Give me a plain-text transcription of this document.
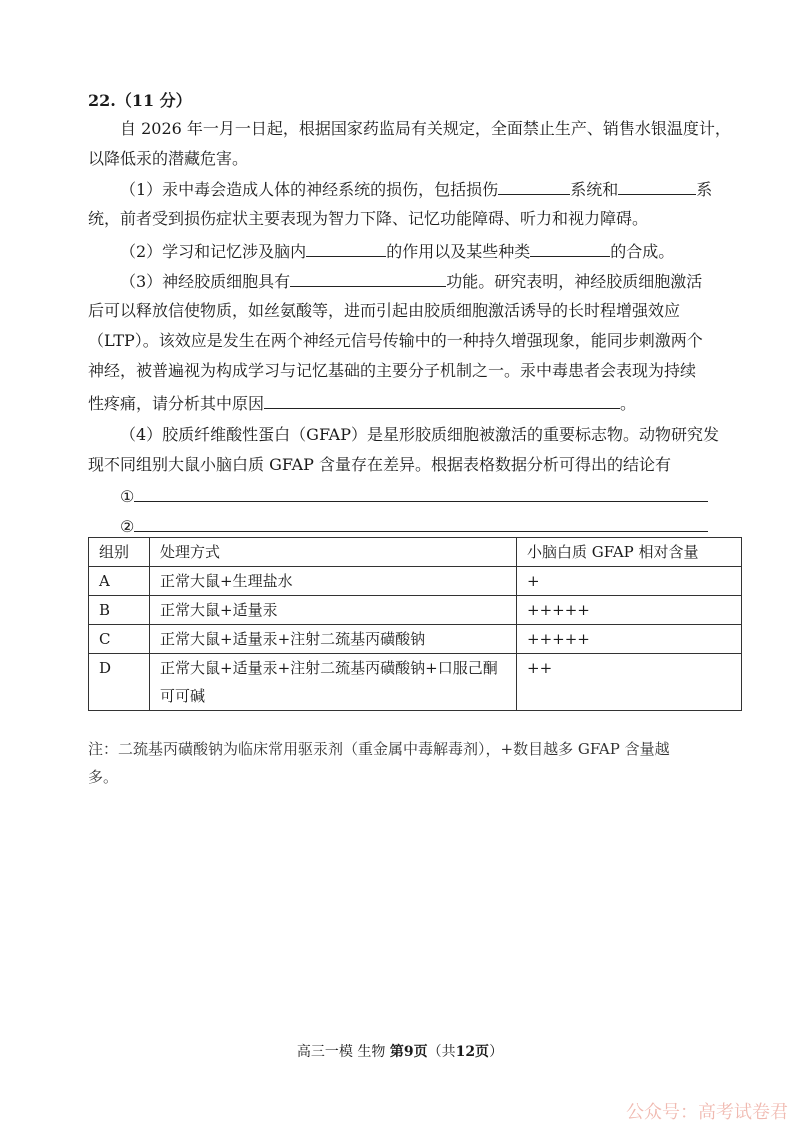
22.（11 分）
自 2026 年一月一日起，根据国家药监局有关规定，全面禁止生产、销售水银温度计，
以降低汞的潜藏危害。
（1）汞中毒会造成人体的神经系统的损伤，包括损伤	系统和	系
统，前者受到损伤症状主要表现为智力下降、记忆功能障碍、听力和视力障碍。
（2）学习和记忆涉及脑内	的作用以及某些种类	的合成。
（3）神经胶质细胞具有	功能。研究表明，神经胶质细胞激活
后可以释放信使物质，如丝氨酸等，进而引起由胶质细胞激活诱导的长时程增强效应
（LTP）。该效应是发生在两个神经元信号传输中的一种持久增强现象，能同步刺激两个
神经，被普遍视为构成学习与记忆基础的主要分子机制之一。汞中毒患者会表现为持续
性疼痛，请分析其中原因	。
（4）胶质纤维酸性蛋白（GFAP）是星形胶质细胞被激活的重要标志物。动物研究发
现不同组别大鼠小脑白质 GFAP 含量存在差异。根据表格数据分析可得出的结论有
①
②
组别	处理方式	小脑白质 GFAP 相对含量
A	正常大鼠+生理盐水	+
B	正常大鼠+适量汞	+++++
C	正常大鼠+适量汞+注射二巯基丙磺酸钠	+++++
D	正常大鼠+适量汞+注射二巯基丙磺酸钠+口服己酮
可可碱	++
注：二巯基丙磺酸钠为临床常用驱汞剂（重金属中毒解毒剂），+数目越多 GFAP 含量越
多。
高三一模 生物 第9页（共12页）
公众号：高考试卷君
